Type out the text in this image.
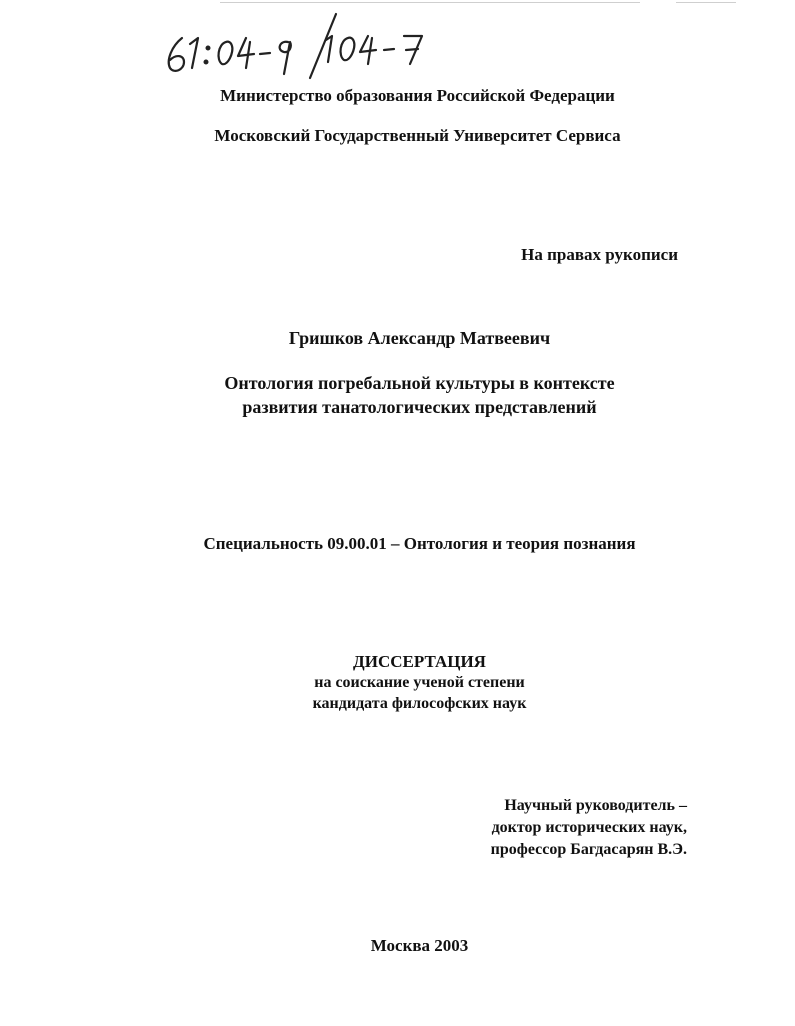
Министерство образования Российской Федерации
Московский Государственный Университет Сервиса
На правах рукописи
Гришков Александр Матвеевич
Онтология погребальной культуры в контексте
развития танатологических представлений
Специальность 09.00.01 – Онтология и теория познания
ДИССЕРТАЦИЯ
на соискание ученой степени
кандидата философских наук
Научный руководитель –
доктор исторических наук,
профессор Багдасарян В.Э.
Москва 2003
